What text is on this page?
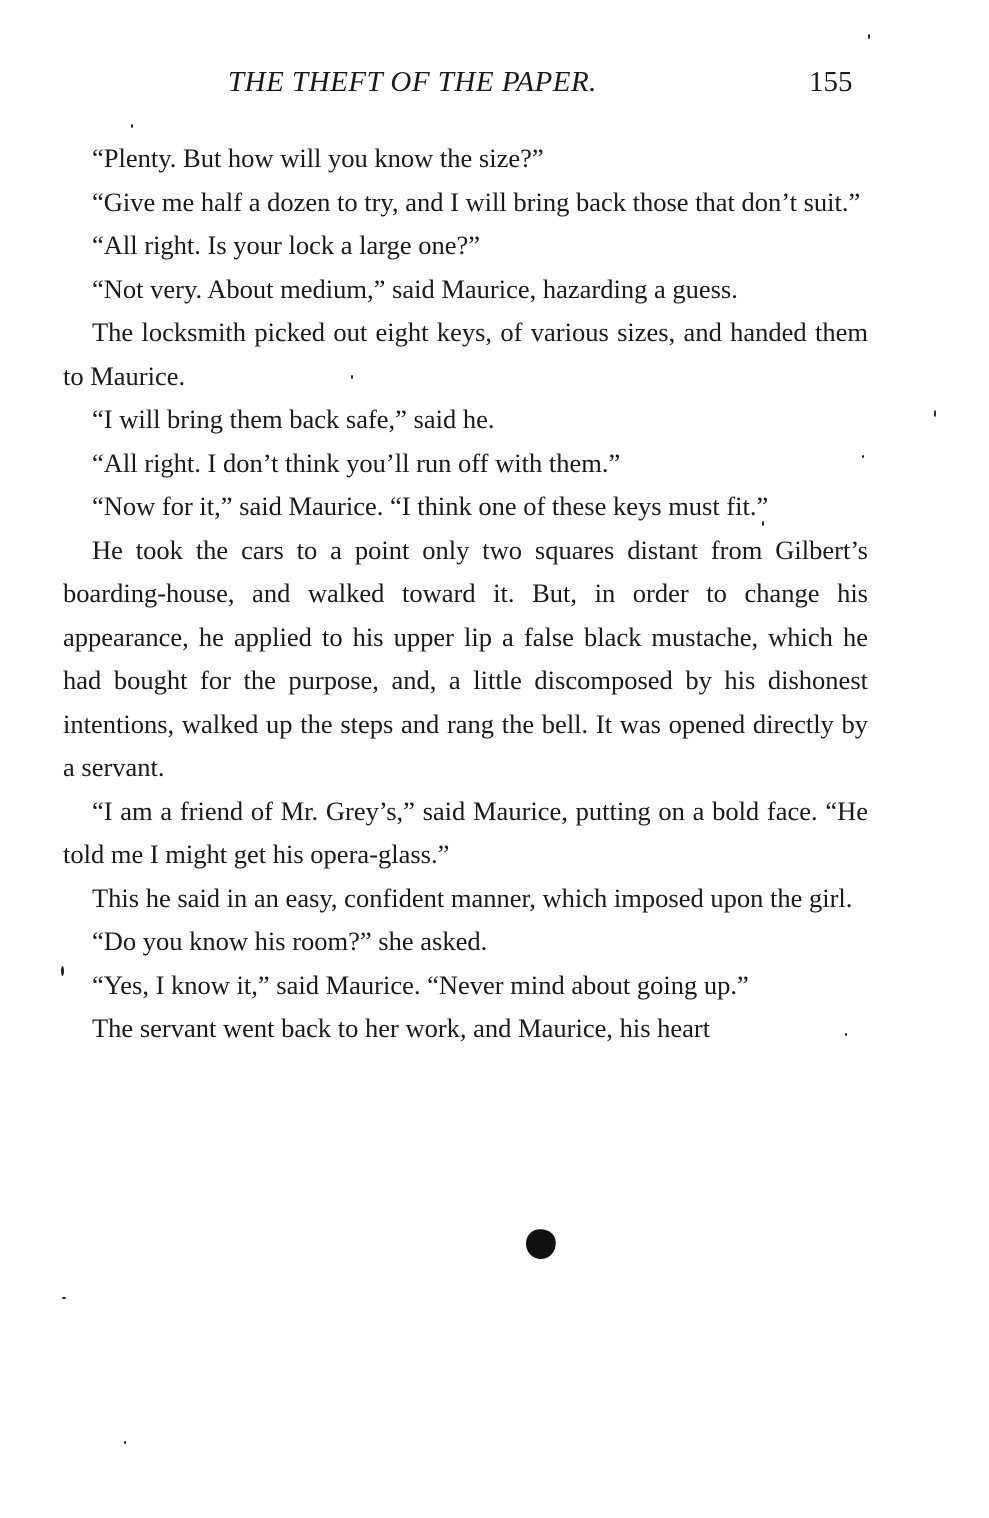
THE THEFT OF THE PAPER.	155

“Plenty. But how will you know the size?”

“Give me half a dozen to try, and I will bring back those that don’t suit.”

“All right. Is your lock a large one?”

“Not very. About medium,” said Maurice, hazarding a guess.

The locksmith picked out eight keys, of various sizes, and handed them to Maurice.

“I will bring them back safe,” said he.

“All right. I don’t think you’ll run off with them.”

“Now for it,” said Maurice. “I think one of these keys must fit.”

He took the cars to a point only two squares distant from Gilbert’s boarding-house, and walked toward it. But, in order to change his appearance, he applied to his upper lip a false black mustache, which he had bought for the purpose, and, a little discomposed by his dishonest intentions, walked up the steps and rang the bell. It was opened directly by a servant.

“I am a friend of Mr. Grey’s,” said Maurice, putting on a bold face. “He told me I might get his opera-glass.”

This he said in an easy, confident manner, which imposed upon the girl.

“Do you know his room?” she asked.

“Yes, I know it,” said Maurice. “Never mind about going up.”

The servant went back to her work, and Maurice, his heart
